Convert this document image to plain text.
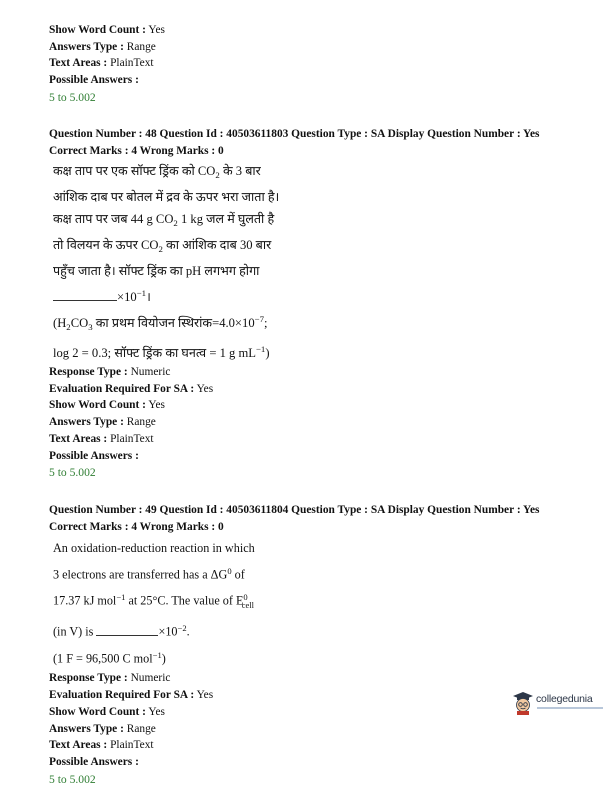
Show Word Count : Yes
Answers Type : Range
Text Areas : PlainText
Possible Answers :
5 to 5.002
Question Number : 48 Question Id : 40503611803 Question Type : SA Display Question Number : Yes
Correct Marks : 4 Wrong Marks : 0
कक्ष ताप पर एक सॉफ्ट ड्रिंक को $CO_2$ के 3 बार
आंशिक दाब पर बोतल में द्रव के ऊपर भरा जाता है।
कक्ष ताप पर जब 44 g $CO_2$ 1 kg जल में घुलती है
तो विलयन के ऊपर $CO_2$ का आंशिक दाब 30 बार
पहुँच जाता है। सॉफ्ट ड्रिंक का pH लगभग होगा
$\times 10^{-1}।$
($H_2CO_3$ का प्रथम वियोजन $स्थिरांक=4.0\times 10^{-7}$;
log 2 = 0.3; सॉफ्ट ड्रिंक का घनत्व = 1 g $mL^{-1}$)
Response Type : Numeric
Evaluation Required For SA : Yes
Show Word Count : Yes
Answers Type : Range
Text Areas : PlainText
Possible Answers :
5 to 5.002
Question Number : 49 Question Id : 40503611804 Question Type : SA Display Question Number : Yes
Correct Marks : 4 Wrong Marks : 0
An oxidation-reduction reaction in which
3 electrons are transferred has a $\Delta G^0$ of
17.37 kJ mol$^{-1}$ at 25°C. The value of $E^0_{cell}$
(in V) is	$\times 10^{-2}$.
(1 F = 96,500 C mol$^{-1}$)
Response Type : Numeric
Evaluation Required For SA : Yes
Show Word Count : Yes
Answers Type : Range
Text Areas : PlainText
Possible Answers :
5 to 5.002
collegedunia
